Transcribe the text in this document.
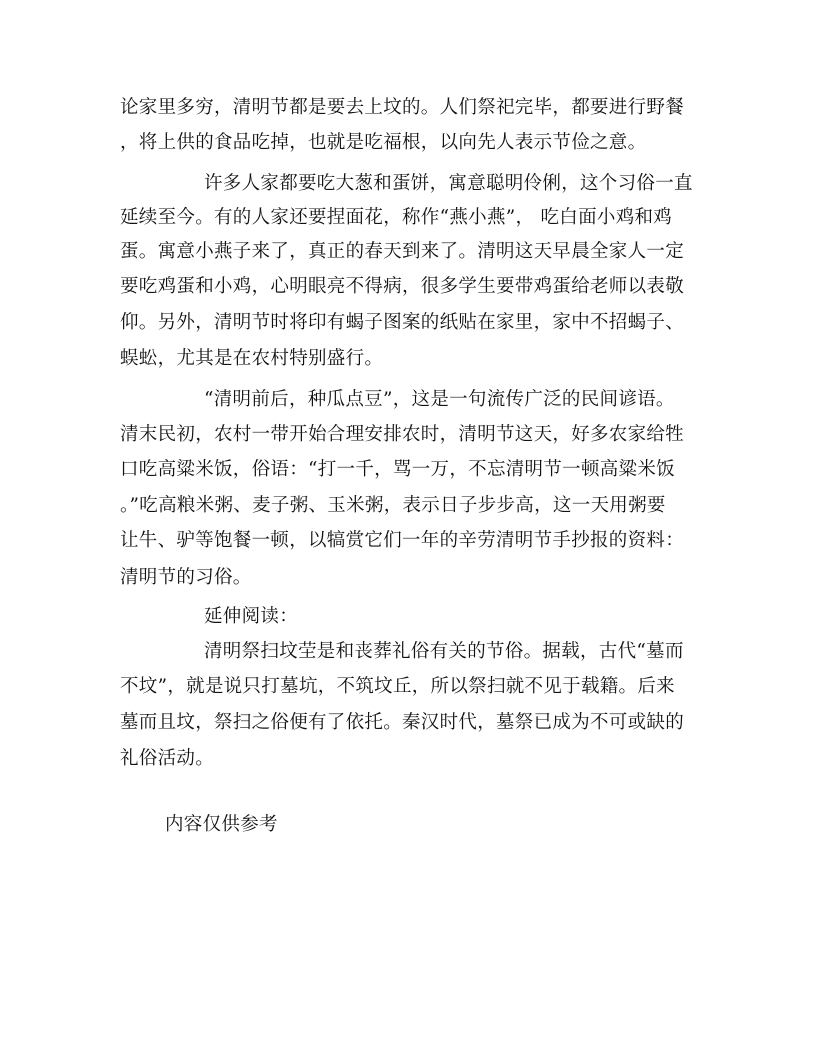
论家里多穷，清明节都是要去上坟的。人们祭祀完毕，都要进行野餐
，将上供的食品吃掉，也就是吃福根，以向先人表示节俭之意。
许多人家都要吃大葱和蛋饼，寓意聪明伶俐，这个习俗一直
延续至今。有的人家还要捏面花，称作“燕小燕”， 吃白面小鸡和鸡
蛋。寓意小燕子来了，真正的春天到来了。清明这天早晨全家人一定
要吃鸡蛋和小鸡，心明眼亮不得病，很多学生要带鸡蛋给老师以表敬
仰。另外，清明节时将印有蝎子图案的纸贴在家里，家中不招蝎子、
蜈蚣，尤其是在农村特别盛行。
“清明前后，种瓜点豆”，这是一句流传广泛的民间谚语。
清末民初，农村一带开始合理安排农时，清明节这天，好多农家给牲
口吃高粱米饭，俗语：“打一千，骂一万，不忘清明节一顿高粱米饭
。”吃高粮米粥、麦子粥、玉米粥，表示日子步步高，这一天用粥要
让牛、驴等饱餐一顿，以犒赏它们一年的辛劳清明节手抄报的资料：
清明节的习俗。
延伸阅读：
清明祭扫坟茔是和丧葬礼俗有关的节俗。据载，古代“墓而
不坟”，就是说只打墓坑，不筑坟丘，所以祭扫就不见于载籍。后来
墓而且坟，祭扫之俗便有了依托。秦汉时代，墓祭已成为不可或缺的
礼俗活动。
内容仅供参考
